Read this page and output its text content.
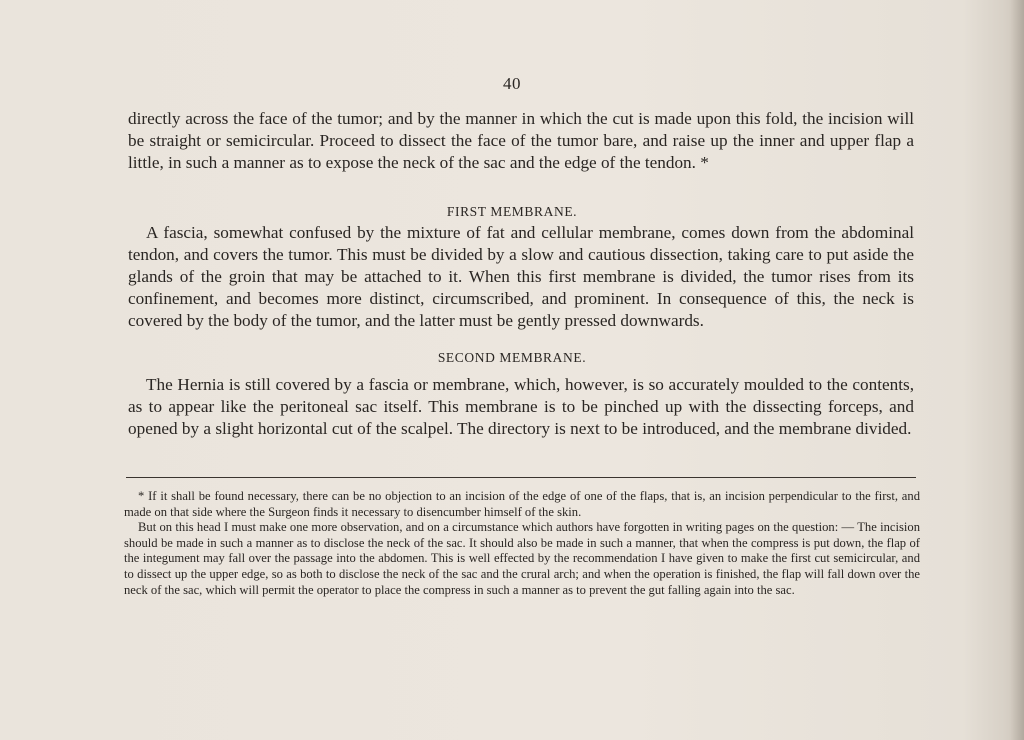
40
directly across the face of the tumor; and by the manner in which the cut is made upon this fold, the incision will be straight or semicircular. Proceed to dissect the face of the tumor bare, and raise up the inner and upper flap a little, in such a manner as to expose the neck of the sac and the edge of the tendon. *
FIRST MEMBRANE.
A fascia, somewhat confused by the mixture of fat and cellular membrane, comes down from the abdominal tendon, and covers the tumor. This must be divided by a slow and cautious dissection, taking care to put aside the glands of the groin that may be attached to it. When this first membrane is divided, the tumor rises from its confinement, and becomes more distinct, circumscribed, and prominent. In consequence of this, the neck is covered by the body of the tumor, and the latter must be gently pressed downwards.
SECOND MEMBRANE.
The Hernia is still covered by a fascia or membrane, which, however, is so accurately moulded to the contents, as to appear like the peritoneal sac itself. This membrane is to be pinched up with the dissecting forceps, and opened by a slight horizontal cut of the scalpel. The directory is next to be introduced, and the membrane divided.

* If it shall be found necessary, there can be no objection to an incision of the edge of one of the flaps, that is, an incision perpendicular to the first, and made on that side where the Surgeon finds it necessary to disencumber himself of the skin.

But on this head I must make one more observation, and on a circumstance which authors have forgotten in writing pages on the question: — The incision should be made in such a manner as to disclose the neck of the sac. It should also be made in such a manner, that when the compress is put down, the flap of the integument may fall over the passage into the abdomen. This is well effected by the recommendation I have given to make the first cut semicircular, and to dissect up the upper edge, so as both to disclose the neck of the sac and the crural arch; and when the operation is finished, the flap will fall down over the neck of the sac, which will permit the operator to place the compress in such a manner as to prevent the gut falling again into the sac.
